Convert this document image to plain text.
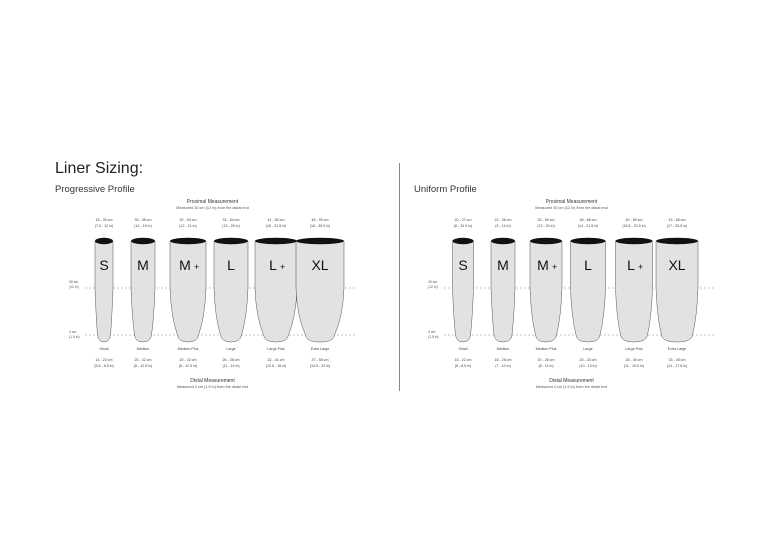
Liner Sizing:
Progressive Profile	Uniform Profile
Proximal Measurement
Measured 30 cm (12 in) from the distal end
S M M + L L + XL
15 - 30 cm
(7.5 - 12 in)
Small
14 - 22 cm
(5.5 - 8.5 in)
35 - 48 cm
(14 - 19 in)
Medium
20 - 32 cm
(8 - 12.5 in)
30 - 54 cm
(12 - 21 in)
Medium Plus
20 - 32 cm
(8 - 12.5 in)
33 - 64 cm
(13 - 25 in)
Large
26 - 36 cm
(11 - 14 in)
41 - 80 cm
(16 - 31.5 in)
Large Plus
32 - 41 cm
(12.5 - 16 in)
46 - 90 cm
(18 - 35.5 in)
Extra Large
37 - 56 cm
(14.5 - 22 in)
30 cm
(12 in)
4 cm
(1.5 in)
Distal Measurement
Measured 4 cm (1.5 in) from the distal end
Proximal Measurement
Measured 30 cm (12 in) from the distal end
S M M + L	L + XL
20 - 27 cm
(8 - 10.5 in)
Small
15 - 22 cm
(6 - 8.5 in)
23 - 36 cm
(9 - 14 in)
Medium
18 - 26 cm
(7 - 10 in)
33 - 50 cm
(13 - 20 in)
Medium Plus
20 - 28 cm
(8 - 11 in)
36 - 66 cm
(14 - 21.5 in)
Large
25 - 33 cm
(10 - 13 in)
40 - 80 cm
(16.5 - 23.5 in)
Large Plus
28 - 40 cm
(11 - 15.5 in)
43 - 65 cm
(17 - 25.5 in)
Extra Large
33 - 45 cm
(13 - 17.5 in)
30 cm
(12 in)
4 cm
(1.5 in)
Distal Measurement
Measured 4 cm (1.5 in) from the distal end
